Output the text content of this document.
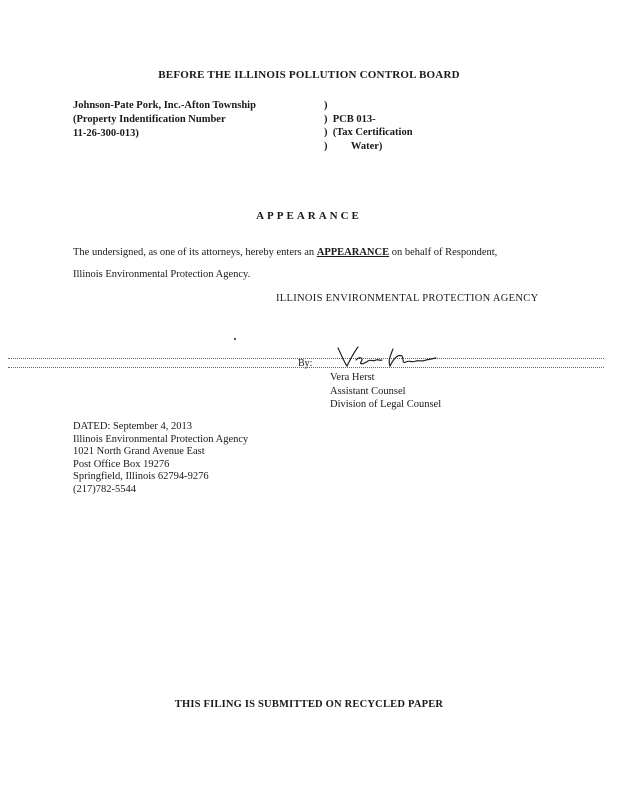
BEFORE THE ILLINOIS POLLUTION CONTROL BOARD
Johnson-Pate Pork, Inc.-Afton Township
(Property Indentification Number
11-26-300-013)
)
)  PCB 013-
)  (Tax Certification
)         Water)
APPEARANCE
The undersigned, as one of its attorneys, hereby enters an APPEARANCE on behalf of Respondent,
Illinois Environmental Protection Agency.
ILLINOIS ENVIRONMENTAL PROTECTION AGENCY
By:
Vera Herst
Assistant Counsel
Division of Legal Counsel
DATED: September 4, 2013
Illinois Environmental Protection Agency
1021 North Grand Avenue East
Post Office Box 19276
Springfield, Illinois 62794-9276
(217)782-5544
THIS FILING IS SUBMITTED ON RECYCLED PAPER
